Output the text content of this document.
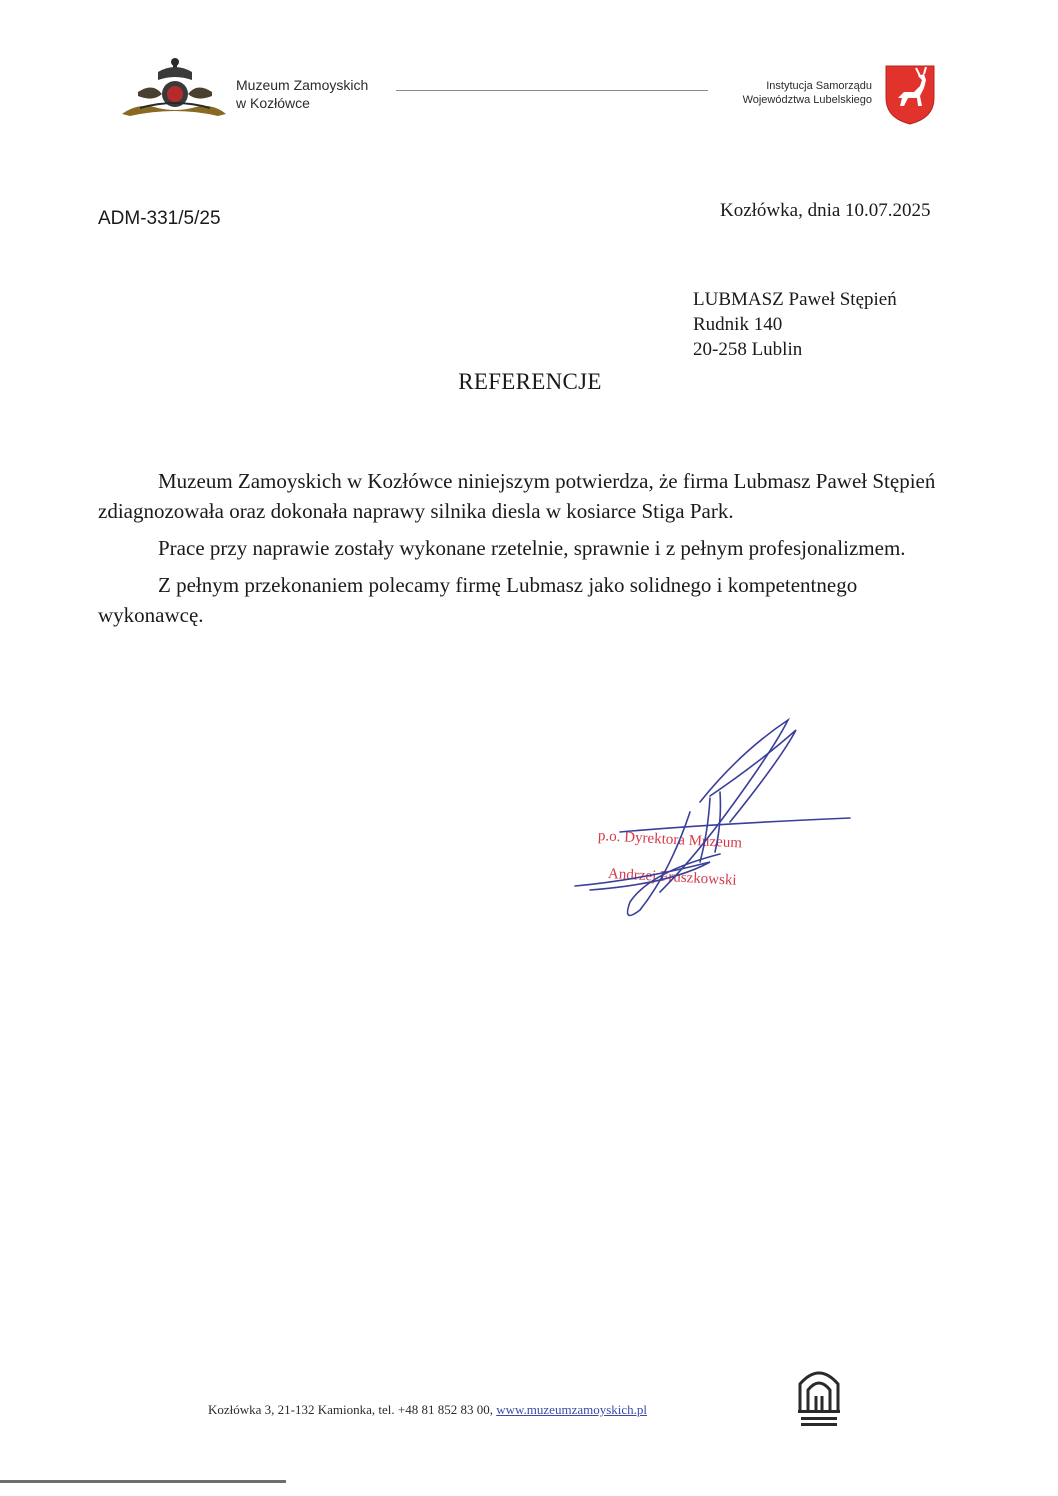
Muzeum Zamoyskich
w Kozłówce
Instytucja Samorządu
Województwa Lubelskiego
ADM-331/5/25	Kozłówka, dnia 10.07.2025
LUBMASZ Paweł Stępień
Rudnik 140
20-258 Lublin
REFERENCJE

Muzeum Zamoyskich w Kozłówce niniejszym potwierdza, że firma Lubmasz Paweł Stępień zdiagnozowała oraz dokonała naprawy silnika diesla w kosiarce Stiga Park.

Prace przy naprawie zostały wykonane rzetelnie, sprawnie i z pełnym profesjonalizmem.

Z pełnym przekonaniem polecamy firmę Lubmasz jako solidnego i kompetentnego wykonawcę.

p.o. Dyrektora Muzeum
Andrzej Fruszkowski
Kozłówka 3, 21-132 Kamionka, tel. +48 81 852 83 00, www.muzeumzamoyskich.pl
